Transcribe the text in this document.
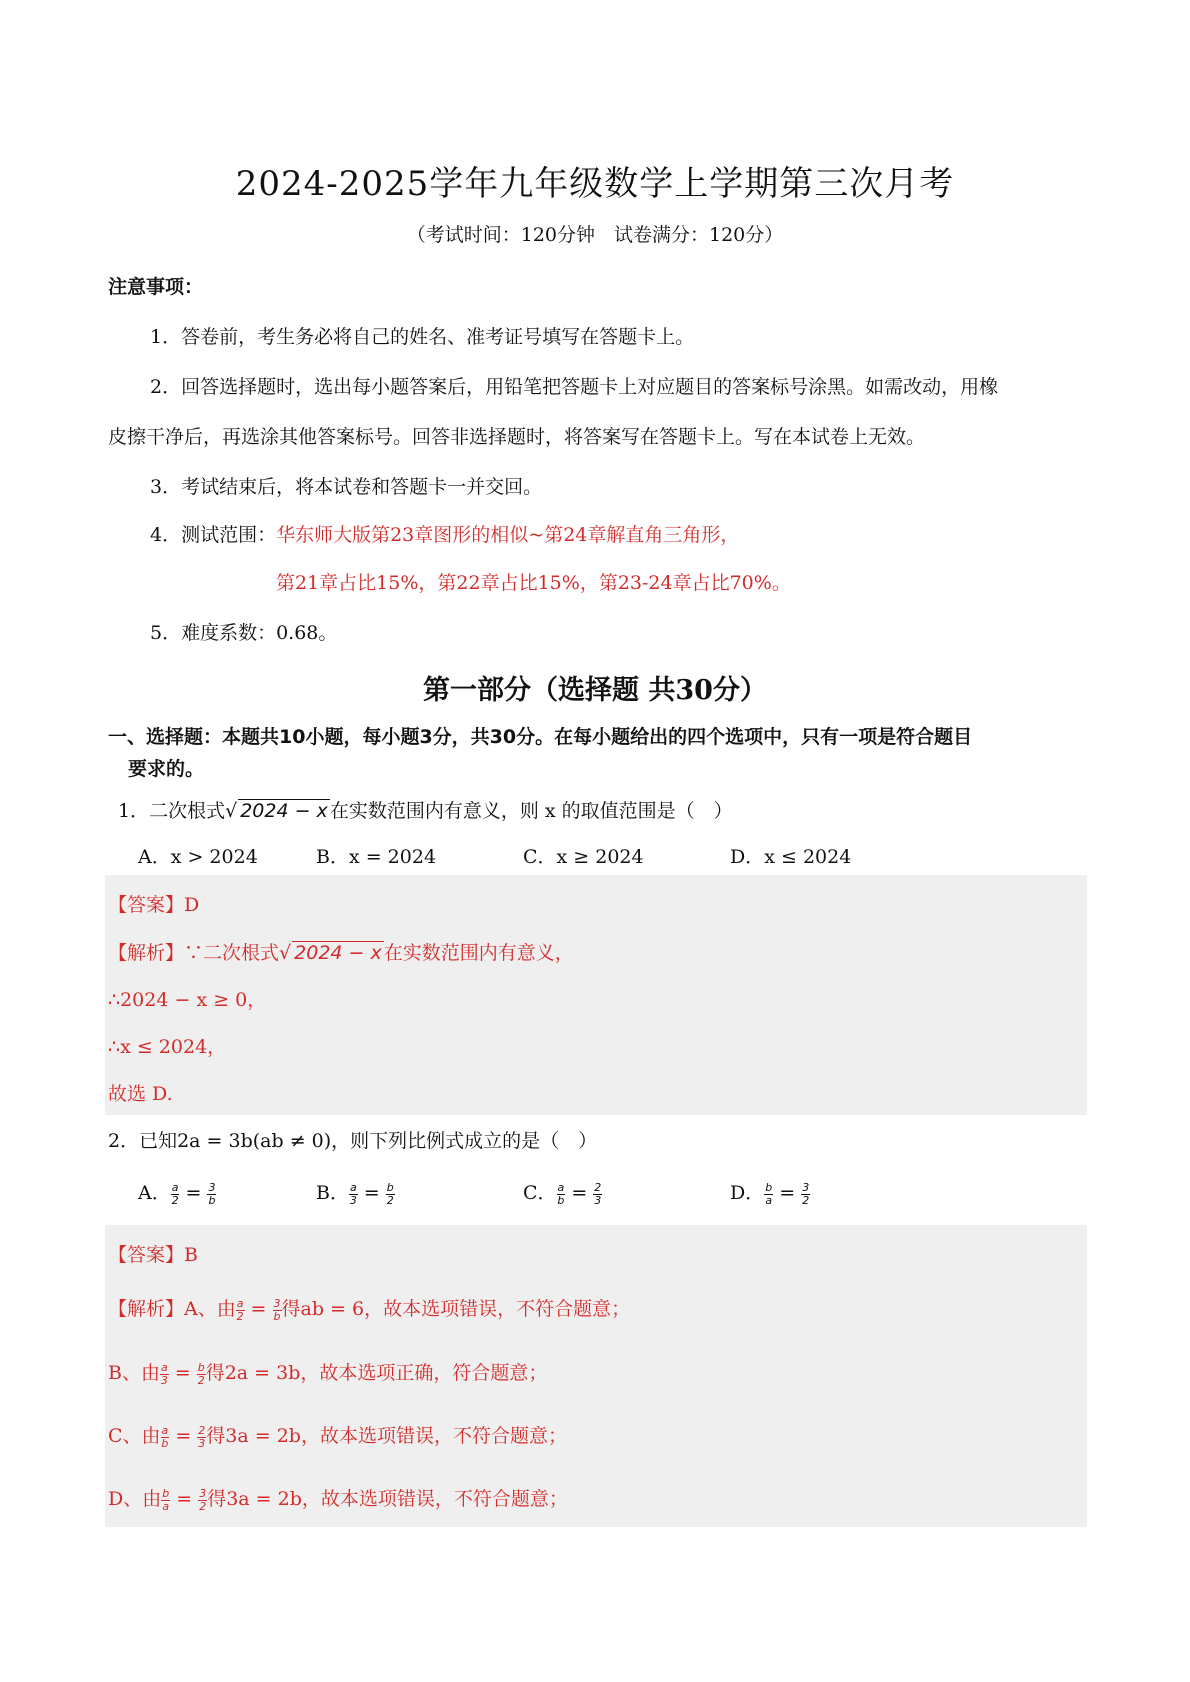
2024-2025学年九年级数学上学期第三次月考
（考试时间：120分钟　试卷满分：120分）
注意事项：
1．答卷前，考生务必将自己的姓名、准考证号填写在答题卡上。
2．回答选择题时，选出每小题答案后，用铅笔把答题卡上对应题目的答案标号涂黑。如需改动，用橡
皮擦干净后，再选涂其他答案标号。回答非选择题时，将答案写在答题卡上。写在本试卷上无效。
3．考试结束后，将本试卷和答题卡一并交回。
4．测试范围：华东师大版第23章图形的相似~第24章解直角三角形，
第21章占比15%，第22章占比15%，第23-24章占比70%。
5．难度系数：0.68。
第一部分（选择题 共30分）
一、选择题：本题共10小题，每小题3分，共30分。在每小题给出的四个选项中，只有一项是符合题目
要求的。
1．二次根式√ 2024 − x 在实数范围内有意义，则 x 的取值范围是（　）
A．x > 2024	B．x = 2024	C．x ≥ 2024	D．x ≤ 2024
【答案】D
【解析】∵二次根式√ 2024 − x 在实数范围内有意义，
∴2024 − x ≥ 0，
∴x ≤ 2024，
故选 D.
2．已知2a = 3b(ab ≠ 0)，则下列比例式成立的是（　）
A． $\frac{a}{2} = \frac{3}{b}$	B． $\frac{a}{3} = \frac{b}{2}$	C． $\frac{a}{b} = \frac{2}{3}$	D． $\frac{b}{a} = \frac{3}{2}$
【答案】B
【解析】A、由 $\frac{a}{2} = \frac{3}{b}$ 得ab = 6，故本选项错误，不符合题意；
B、由 $\frac{a}{3} = \frac{b}{2}$ 得2a = 3b，故本选项正确，符合题意；
C、由 $\frac{a}{b} = \frac{2}{3}$ 得3a = 2b，故本选项错误，不符合题意；
D、由 $\frac{b}{a} = \frac{3}{2}$ 得3a = 2b，故本选项错误，不符合题意；
